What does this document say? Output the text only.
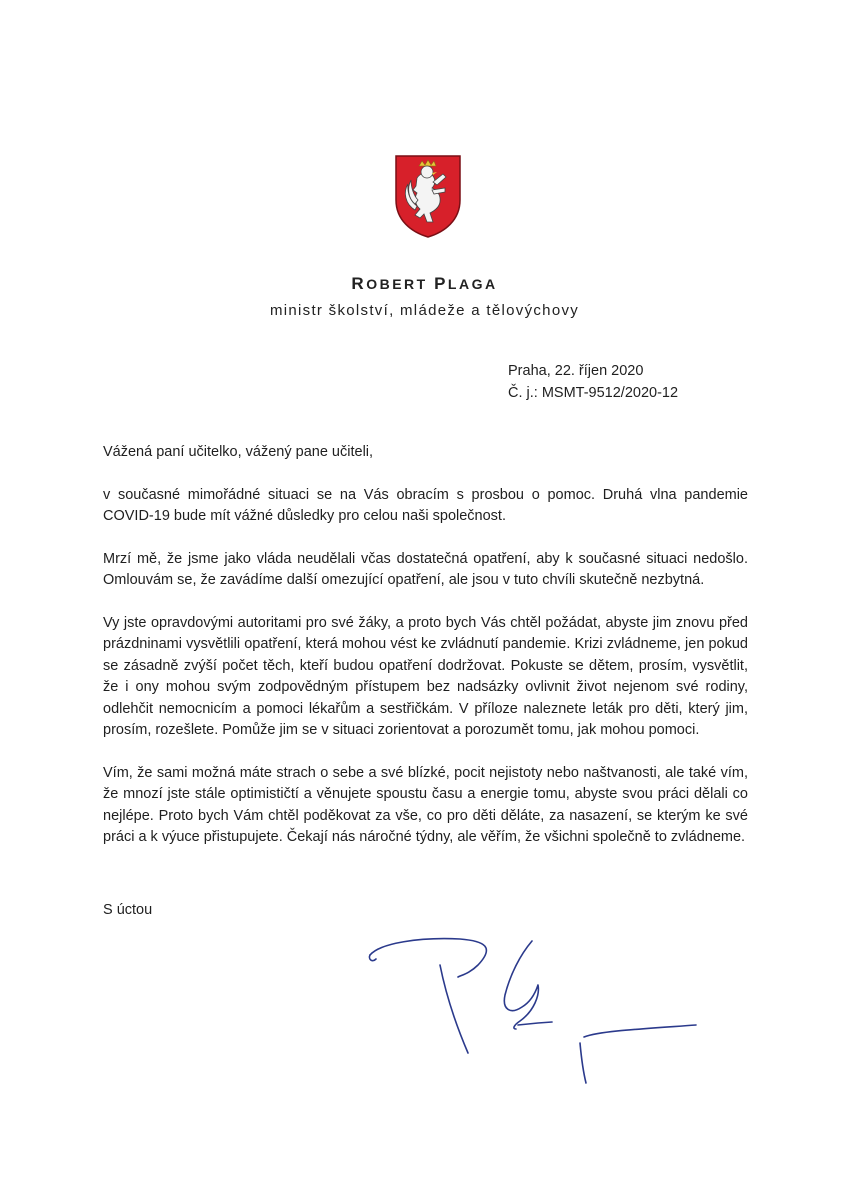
ROBERT PLAGA
ministr školství, mládeže a tělovýchovy
Praha, 22. říjen 2020
Č. j.: MSMT-9512/2020-12

Vážená paní učitelko, vážený pane učiteli,

v současné mimořádné situaci se na Vás obracím s prosbou o pomoc. Druhá vlna pandemie COVID-19 bude mít vážné důsledky pro celou naši společnost.

Mrzí mě, že jsme jako vláda neudělali včas dostatečná opatření, aby k současné situaci nedošlo. Omlouvám se, že zavádíme další omezující opatření, ale jsou v tuto chvíli skutečně nezbytná.

Vy jste opravdovými autoritami pro své žáky, a proto bych Vás chtěl požádat, abyste jim znovu před prázdninami vysvětlili opatření, která mohou vést ke zvládnutí pandemie. Krizi zvládneme, jen pokud se zásadně zvýší počet těch, kteří budou opatření dodržovat. Pokuste se dětem, prosím, vysvětlit, že i ony mohou svým zodpovědným přístupem bez nadsázky ovlivnit život nejenom své rodiny, odlehčit nemocnicím a pomoci lékařům a sestřičkám. V příloze naleznete leták pro děti, který jim, prosím, rozešlete. Pomůže jim se v situaci zorientovat a porozumět tomu, jak mohou pomoci.

Vím, že sami možná máte strach o sebe a své blízké, pocit nejistoty nebo naštvanosti, ale také vím, že mnozí jste stále optimističtí a věnujete spoustu času a energie tomu, abyste svou práci dělali co nejlépe. Proto bych Vám chtěl poděkovat za vše, co pro děti děláte, za nasazení, se kterým ke své práci a k výuce přistupujete. Čekají nás náročné týdny, ale věřím, že všichni společně to zvládneme.

S úctou
